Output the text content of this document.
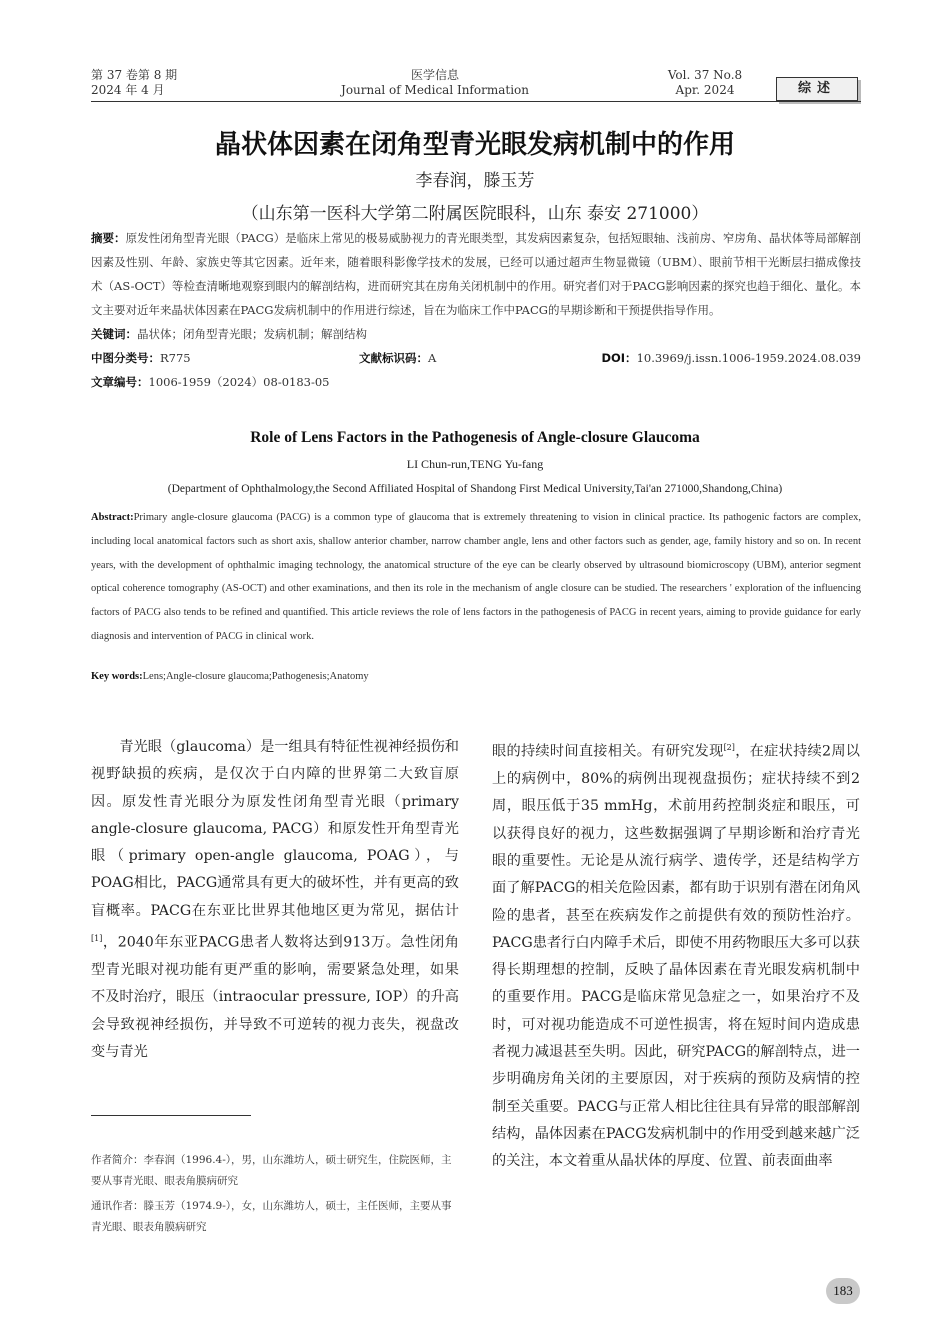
第 37 卷第 8 期
2024 年 4 月
医学信息
Journal of Medical Information
Vol. 37 No.8
Apr. 2024	综述
晶状体因素在闭角型青光眼发病机制中的作用
李春润，滕玉芳
（山东第一医科大学第二附属医院眼科，山东 泰安 271000）
摘要：原发性闭角型青光眼（PACG）是临床上常见的极易威胁视力的青光眼类型，其发病因素复杂，包括短眼轴、浅前房、窄房角、晶状体等局部解剖因素及性别、年龄、家族史等其它因素。近年来，随着眼科影像学技术的发展，已经可以通过超声生物显微镜（UBM）、眼前节相干光断层扫描成像技术（AS-OCT）等检查清晰地观察到眼内的解剖结构，进而研究其在房角关闭机制中的作用。研究者们对于PACG影响因素的探究也趋于细化、量化。本文主要对近年来晶状体因素在PACG发病机制中的作用进行综述，旨在为临床工作中PACG的早期诊断和干预提供指导作用。
关键词：晶状体；闭角型青光眼；发病机制；解剖结构
中图分类号：R775	文献标识码：A	DOI：10.3969/j.issn.1006-1959.2024.08.039
文章编号：1006-1959（2024）08-0183-05
Role of Lens Factors in the Pathogenesis of Angle-closure Glaucoma
LI Chun-run,TENG Yu-fang
(Department of Ophthalmology,the Second Affiliated Hospital of Shandong First Medical University,Tai'an 271000,Shandong,China)
Abstract:Primary angle-closure glaucoma (PACG) is a common type of glaucoma that is extremely threatening to vision in clinical practice. Its pathogenic factors are complex, including local anatomical factors such as short axis, shallow anterior chamber, narrow chamber angle, lens and other factors such as gender, age, family history and so on. In recent years, with the development of ophthalmic imaging technology, the anatomical structure of the eye can be clearly observed by ultrasound biomicroscopy (UBM), anterior segment optical coherence tomography (AS-OCT) and other examinations, and then its role in the mechanism of angle closure can be studied. The researchers ' exploration of the influencing factors of PACG also tends to be refined and quantified. This article reviews the role of lens factors in the pathogenesis of PACG in recent years, aiming to provide guidance for early diagnosis and intervention of PACG in clinical work.
Key words:Lens;Angle-closure glaucoma;Pathogenesis;Anatomy
青光眼（glaucoma）是一组具有特征性视神经损伤和视野缺损的疾病，是仅次于白内障的世界第二大致盲原因。原发性青光眼分为原发性闭角型青光眼（primary angle-closure glaucoma, PACG）和原发性开角型青光眼（primary open-angle glaucoma, POAG），与POAG相比，PACG通常具有更大的破坏性，并有更高的致盲概率。PACG在东亚比世界其他地区更为常见，据估计[1]，2040年东亚PACG患者人数将达到913万。急性闭角型青光眼对视功能有更严重的影响，需要紧急处理，如果不及时治疗，眼压（intraocular pressure, IOP）的升高会导致视神经损伤，并导致不可逆转的视力丧失，视盘改变与青光
眼的持续时间直接相关。有研究发现[2]，在症状持续2周以上的病例中，80%的病例出现视盘损伤；症状持续不到2周，眼压低于35 mmHg，术前用药控制炎症和眼压，可以获得良好的视力，这些数据强调了早期诊断和治疗青光眼的重要性。无论是从流行病学、遗传学，还是结构学方面了解PACG的相关危险因素，都有助于识别有潜在闭角风险的患者，甚至在疾病发作之前提供有效的预防性治疗。PACG患者行白内障手术后，即使不用药物眼压大多可以获得长期理想的控制，反映了晶体因素在青光眼发病机制中的重要作用。PACG是临床常见急症之一，如果治疗不及时，可对视功能造成不可逆性损害，将在短时间内造成患者视力减退甚至失明。因此，研究PACG的解剖特点，进一步明确房角关闭的主要原因，对于疾病的预防及病情的控制至关重要。PACG与正常人相比往往具有异常的眼部解剖结构，晶体因素在PACG发病机制中的作用受到越来越广泛的关注，本文着重从晶状体的厚度、位置、前表面曲率
作者简介：李春润（1996.4-），男，山东潍坊人，硕士研究生，住院医师，主要从事青光眼、眼表角膜病研究
通讯作者：滕玉芳（1974.9-），女，山东潍坊人，硕士，主任医师，主要从事青光眼、眼表角膜病研究
183
